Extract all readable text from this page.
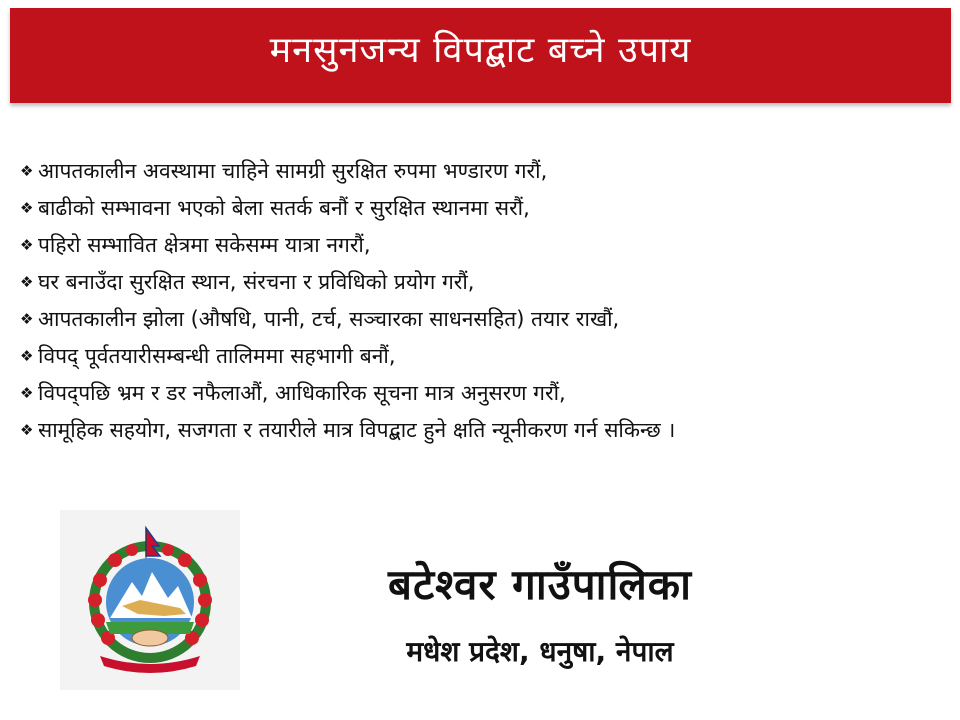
मनसुनजन्य विपद्बाट बच्ने उपाय
❖ आपतकालीन अवस्थामा चाहिने सामग्री सुरक्षित रुपमा भण्डारण गरौं,
❖ बाढीको सम्भावना भएको बेला सतर्क बनौं र सुरक्षित स्थानमा सरौं,
❖ पहिरो सम्भावित क्षेत्रमा सकेसम्म यात्रा नगरौं,
❖ घर बनाउँदा सुरक्षित स्थान, संरचना र प्रविधिको प्रयोग गरौं,
❖ आपतकालीन झोला (औषधि, पानी, टर्च, सञ्चारका साधनसहित) तयार राखौं,
❖ विपद् पूर्वतयारीसम्बन्धी तालिममा सहभागी बनौं,
❖ विपद्पछि भ्रम र डर नफैलाऔं, आधिकारिक सूचना मात्र अनुसरण गरौं,
❖ सामूहिक सहयोग, सजगता र तयारीले मात्र विपद्बाट हुने क्षति न्यूनीकरण गर्न सकिन्छ ।
बटेश्वर गाउँपालिका
मधेश प्रदेश, धनुषा, नेपाल
